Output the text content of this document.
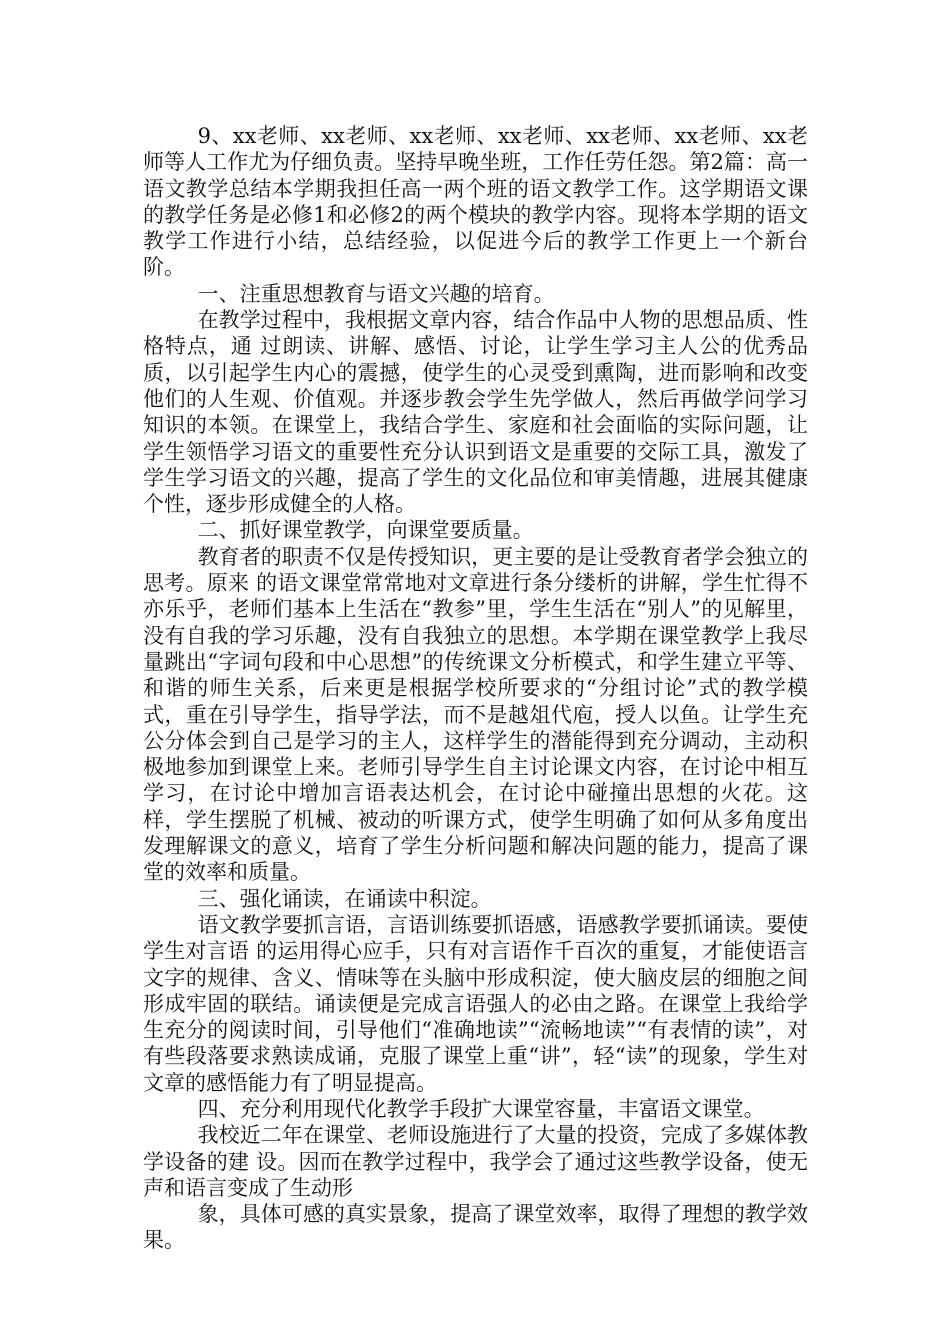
9、xx老师、xx老师、xx老师、xx老师、xx老师、xx老师、xx老师等人工作尤为仔细负责。坚持早晚坐班，工作任劳任怨。第2篇：高一语文教学总结本学期我担任高一两个班的语文教学工作。这学期语文课的教学任务是必修1和必修2的两个模块的教学内容。现将本学期的语文教学工作进行小结，总结经验，以促进今后的教学工作更上一个新台阶。

一、注重思想教育与语文兴趣的培育。

在教学过程中，我根据文章内容，结合作品中人物的思想品质、性格特点，通 过朗读、讲解、感悟、讨论，让学生学习主人公的优秀品质，以引起学生内心的震撼，使学生的心灵受到熏陶，进而影响和改变他们的人生观、价值观。并逐步教会学生先学做人，然后再做学问学习知识的本领。在课堂上，我结合学生、家庭和社会面临的实际问题，让学生领悟学习语文的重要性充分认识到语文是重要的交际工具，激发了学生学习语文的兴趣，提高了学生的文化品位和审美情趣，进展其健康个性，逐步形成健全的人格。

二、抓好课堂教学，向课堂要质量。

教育者的职责不仅是传授知识，更主要的是让受教育者学会独立的思考。原来 的语文课堂常常地对文章进行条分缕析的讲解，学生忙得不亦乐乎，老师们基本上生活在“教参”里，学生生活在“别人”的见解里，没有自我的学习乐趣，没有自我独立的思想。本学期在课堂教学上我尽量跳出“字词句段和中心思想”的传统课文分析模式，和学生建立平等、和谐的师生关系，后来更是根据学校所要求的“分组讨论”式的教学模式，重在引导学生，指导学法，而不是越俎代庖，授人以鱼。让学生充公分体会到自己是学习的主人，这样学生的潜能得到充分调动，主动积极地参加到课堂上来。老师引导学生自主讨论课文内容，在讨论中相互学习，在讨论中增加言语表达机会，在讨论中碰撞出思想的火花。这样，学生摆脱了机械、被动的听课方式，使学生明确了如何从多角度出发理解课文的意义，培育了学生分析问题和解决问题的能力，提高了课堂的效率和质量。

三、强化诵读，在诵读中积淀。

语文教学要抓言语，言语训练要抓语感，语感教学要抓诵读。要使学生对言语 的运用得心应手，只有对言语作千百次的重复，才能使语言文字的规律、含义、情味等在头脑中形成积淀，使大脑皮层的细胞之间形成牢固的联结。诵读便是完成言语强人的必由之路。在课堂上我给学生充分的阅读时间，引导他们“准确地读”“流畅地读”“有表情的读”，对有些段落要求熟读成诵，克服了课堂上重“讲”，轻“读”的现象，学生对文章的感悟能力有了明显提高。

四、充分利用现代化教学手段扩大课堂容量，丰富语文课堂。

我校近二年在课堂、老师设施进行了大量的投资，完成了多媒体教学设备的建 设。因而在教学过程中，我学会了通过这些教学设备，使无声和语言变成了生动形

象，具体可感的真实景象，提高了课堂效率，取得了理想的教学效果。
